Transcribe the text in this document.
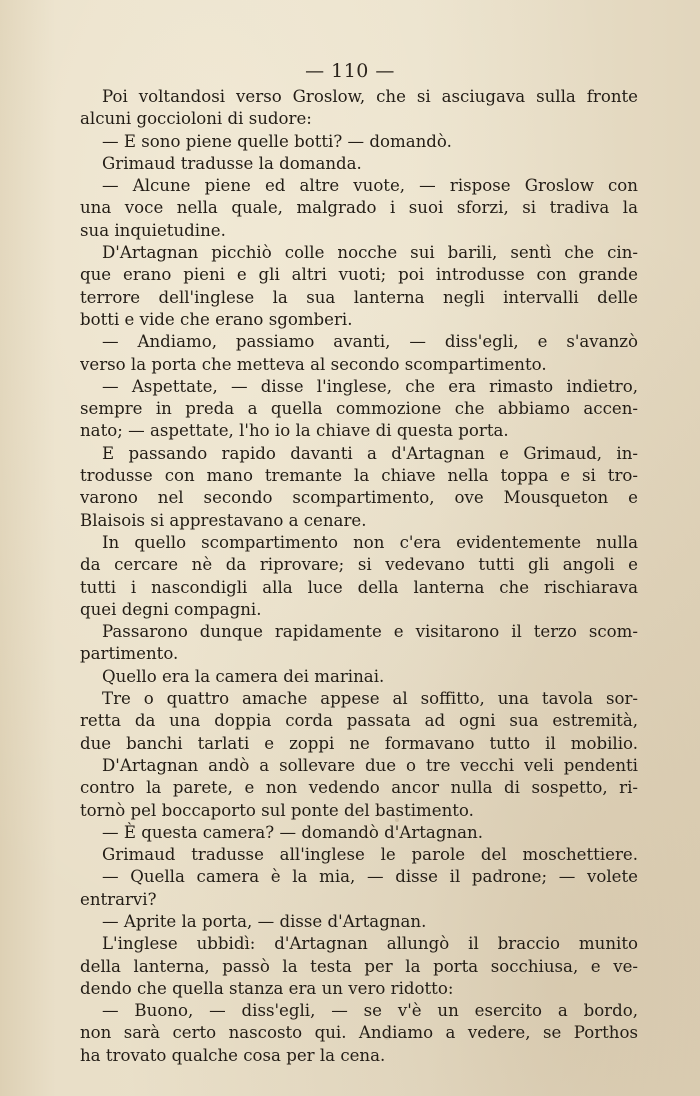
— 110 —
Poi voltandosi verso Groslow, che si asciugava sulla fronte
alcuni goccioloni di sudore:
— E sono piene quelle botti? — domandò.
Grimaud tradusse la domanda.
— Alcune piene ed altre vuote, — rispose Groslow con
una voce nella quale, malgrado i suoi sforzi, si tradiva la
sua inquietudine.
D'Artagnan picchiò colle nocche sui barili, sentì che cin-
que erano pieni e gli altri vuoti; poi introdusse con grande
terrore dell'inglese la sua lanterna negli intervalli delle
botti e vide che erano sgomberi.
— Andiamo, passiamo avanti, — diss'egli, e s'avanzò
verso la porta che metteva al secondo scompartimento.
— Aspettate, — disse l'inglese, che era rimasto indietro,
sempre in preda a quella commozione che abbiamo accen-
nato; — aspettate, l'ho io la chiave di questa porta.
E passando rapido davanti a d'Artagnan e Grimaud, in-
trodusse con mano tremante la chiave nella toppa e si tro-
varono nel secondo scompartimento, ove Mousqueton e
Blaisois si apprestavano a cenare.
In quello scompartimento non c'era evidentemente nulla
da cercare nè da riprovare; si vedevano tutti gli angoli e
tutti i nascondigli alla luce della lanterna che rischiarava
quei degni compagni.
Passarono dunque rapidamente e visitarono il terzo scom-
partimento.
Quello era la camera dei marinai.
Tre o quattro amache appese al soffitto, una tavola sor-
retta da una doppia corda passata ad ogni sua estremità,
due banchi tarlati e zoppi ne formavano tutto il mobilio.
D'Artagnan andò a sollevare due o tre vecchi veli pendenti
contro la parete, e non vedendo ancor nulla di sospetto, ri-
tornò pel boccaporto sul ponte del bastimento.
— È questa camera? — domandò d'Artagnan.
Grimaud tradusse all'inglese le parole del moschettiere.
— Quella camera è la mia, — disse il padrone; — volete
entrarvi?
— Aprite la porta, — disse d'Artagnan.
L'inglese ubbidì: d'Artagnan allungò il braccio munito
della lanterna, passò la testa per la porta socchiusa, e ve-
dendo che quella stanza era un vero ridotto:
— Buono, — diss'egli, — se v'è un esercito a bordo,
non sarà certo nascosto qui. Andiamo a vedere, se Porthos
ha trovato qualche cosa per la cena.
